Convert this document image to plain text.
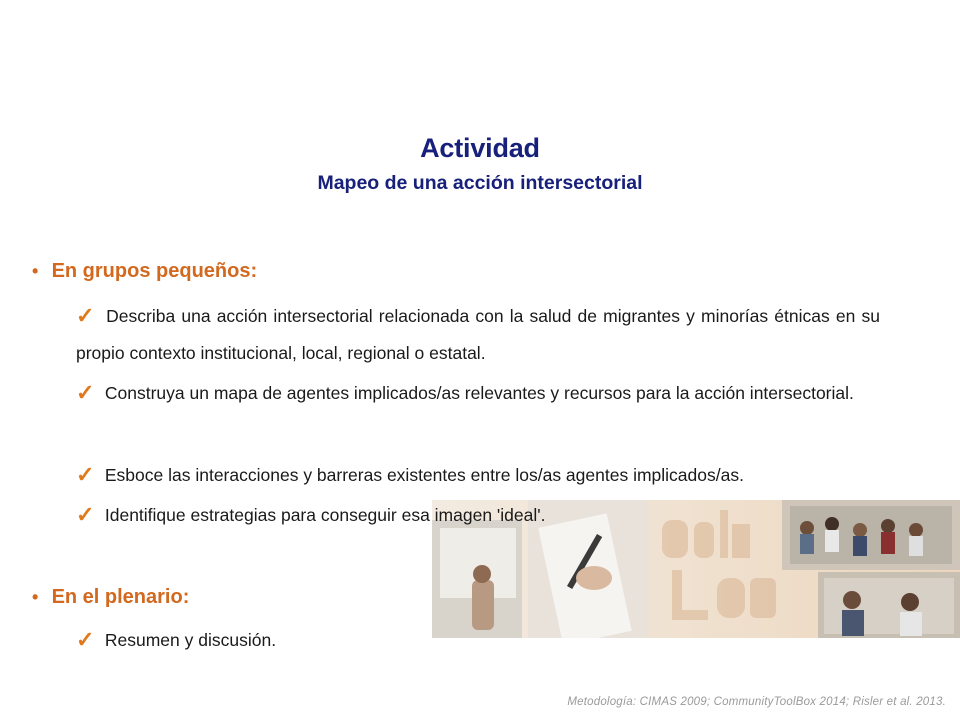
Actividad
Mapeo de una acción intersectorial
• En grupos pequeños:
✓ Describa una acción intersectorial relacionada con la salud de migrantes y minorías étnicas en su propio contexto institucional, local, regional o estatal.
✓ Construya un mapa de agentes implicados/as relevantes y recursos para la acción intersectorial.
✓ Esboce las interacciones y barreras existentes entre los/as agentes implicados/as.
✓ Identifique estrategias para conseguir esa imagen 'ideal'.
• En el plenario:
✓ Resumen y discusión.
Metodología: CIMAS 2009; CommunityToolBox 2014; Risler et al. 2013.
